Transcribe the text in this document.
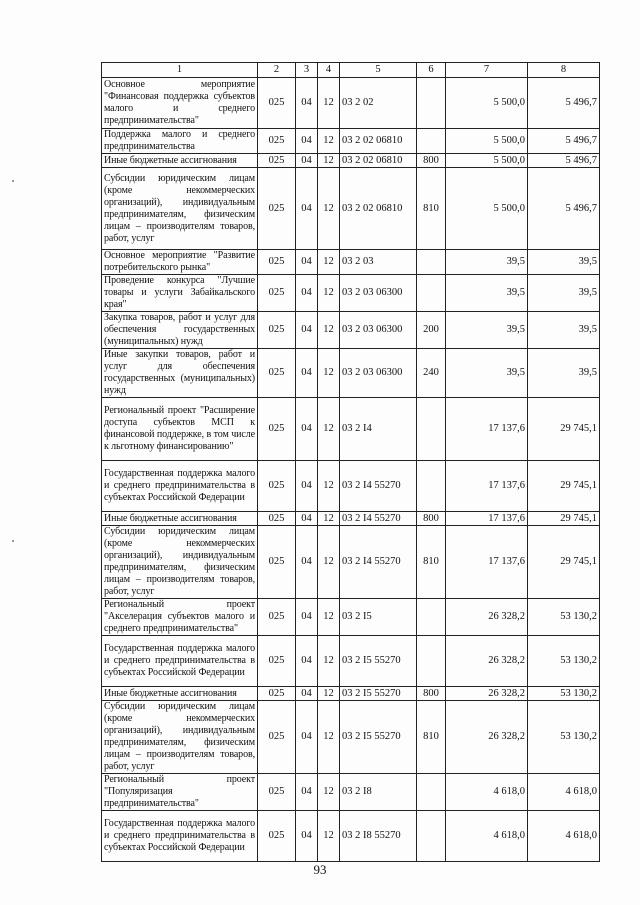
1	2	3	4	5	6	7	8
Основное мероприятие "Финансовая поддержка субъектов малого и среднего предпринимательства"	025	04	12	03 2 02		5 500,0	5 496,7
Поддержка малого и среднего предпринимательства	025	04	12	03 2 02 06810		5 500,0	5 496,7
Иные бюджетные ассигнования	025	04	12	03 2 02 06810	800	5 500,0	5 496,7
Субсидии юридическим лицам (кроме некоммерческих организаций), индивидуальным предпринимателям, физическим лицам – производителям товаров, работ, услуг	025	04	12	03 2 02 06810	810	5 500,0	5 496,7
Основное мероприятие "Развитие потребительского рынка"	025	04	12	03 2 03		39,5	39,5
Проведение конкурса "Лучшие товары и услуги Забайкальского края"	025	04	12	03 2 03 06300		39,5	39,5
Закупка товаров, работ и услуг для обеспечения государственных (муниципальных) нужд	025	04	12	03 2 03 06300	200	39,5	39,5
Иные закупки товаров, работ и услуг для обеспечения государственных (муниципальных) нужд	025	04	12	03 2 03 06300	240	39,5	39,5
Региональный проект "Расширение доступа субъектов МСП к финансовой поддержке, в том числе к льготному финансированию"	025	04	12	03 2 I4		17 137,6	29 745,1
Государственная поддержка малого и среднего предпринимательства в субъектах Российской Федерации	025	04	12	03 2 I4 55270		17 137,6	29 745,1
Иные бюджетные ассигнования	025	04	12	03 2 I4 55270	800	17 137,6	29 745,1
Субсидии юридическим лицам (кроме некоммерческих организаций), индивидуальным предпринимателям, физическим лицам – производителям товаров, работ, услуг	025	04	12	03 2 I4 55270	810	17 137,6	29 745,1
Региональный проект "Акселерация субъектов малого и среднего предпринимательства"	025	04	12	03 2 I5		26 328,2	53 130,2
Государственная поддержка малого и среднего предпринимательства в субъектах Российской Федерации	025	04	12	03 2 I5 55270		26 328,2	53 130,2
Иные бюджетные ассигнования	025	04	12	03 2 I5 55270	800	26 328,2	53 130,2
Субсидии юридическим лицам (кроме некоммерческих организаций), индивидуальным предпринимателям, физическим лицам – производителям товаров, работ, услуг	025	04	12	03 2 I5 55270	810	26 328,2	53 130,2
Региональный проект "Популяризация предпринимательства"	025	04	12	03 2 I8		4 618,0	4 618,0
Государственная поддержка малого и среднего предпринимательства в субъектах Российской Федерации	025	04	12	03 2 I8 55270		4 618,0	4 618,0
93
